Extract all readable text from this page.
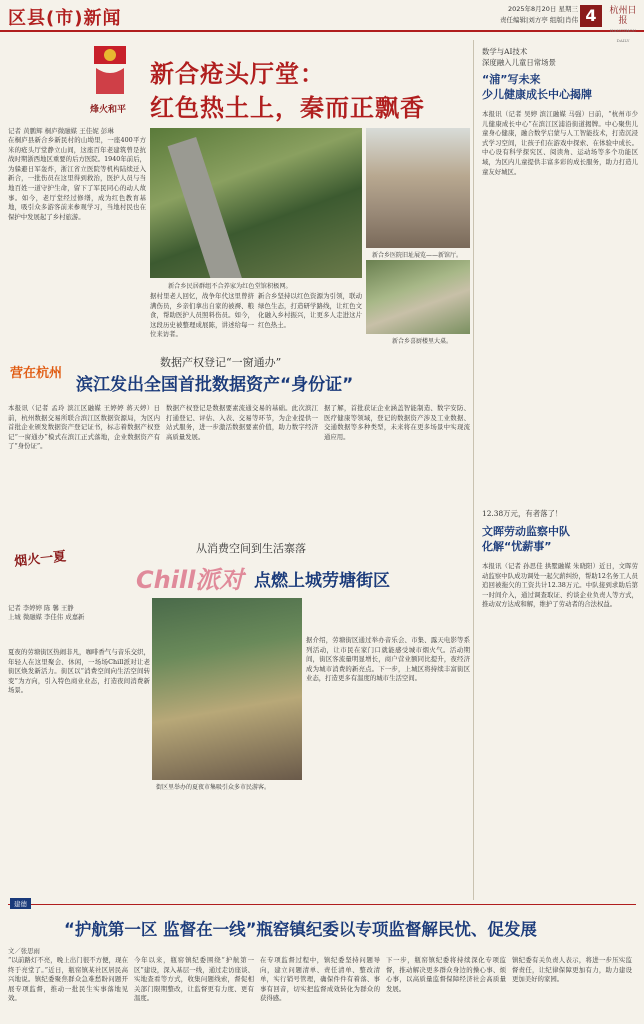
区县(市)新闻	2025年8月20日 星期三
责任编辑|刘方亭 组版|肖伟 4	杭州日报
HANGZHOU DAILY
烽火和平
新合疮头厅堂：
红色热土上，秦而正飘香
记者 黄鹏辉 桐庐微融媒 王佳妮 彭琳
在桐庐县新合乡新民村的山坳里，一座400平方米的疮头厅堂静立山间，这座百年老建筑曾是抗战时期浙西地区重要的后方医院。1940年前后，为躲避日军轰炸，浙江省立医院等机构陆续迁入新合，一批伤员在这里得到救治，医护人员与当地百姓一道守护生命，留下了军民同心的动人故事。如今，老厅堂经过修缮，成为红色教育基地，吸引众多游客前来参观学习，当地村民也在保护中发展起了乡村旅游。
新合乡民居群组不合养家为红色堂馆积极网。
新合乡医院旧址展览——新馆厅。
新合乡喜厨楼里大桌。
据村里老人回忆，战争年代这里曾挤满伤员，乡亲们拿出自家的被褥、粮食，帮助医护人员照料伤员。如今，这段历史被整理成展陈，讲述给每一位来访者。
新合乡坚持以红色资源为引领，联动绿色生态，打造研学路线，让红色文化融入乡村振兴，让更多人走进这片红色热土。
数据产权登记“一窗通办”
营在杭州
滨江发出全国首批数据资产“身份证”
本报讯（记者 孟玲 滨江区融媒 王婷婷 蒋天婷）日前，杭州数据交易所联合滨江区数据资源局，为区内首批企业颁发数据资产登记证书，标志着数据产权登记“一窗通办”模式在滨江正式落地，企业数据资产有了“身份证”。
数据产权登记是数据要素流通交易的基础。此次滨江打通登记、评估、入表、交易等环节，为企业提供一站式服务，进一步激活数据要素价值，助力数字经济高质量发展。
据了解，首批获证企业涵盖智能制造、数字安防、医疗健康等领域，登记的数据资产涉及工业数据、交通数据等多种类型，未来将在更多场景中实现流通应用。
从消费空间到生活寨落
烟火一夏
Chill派对 点燃上城劳塘街区
记者 李婷婷 陈 馨 王静
上城 微融媒 李佳伟 成嘉新
夏夜的劳塘街区热闹非凡，咖啡香气与音乐交织，年轻人在这里聚会、休闲，一场场Chill派对让老街区焕发新活力。街区以“消费空间向生活空间转变”为方向，引入特色商业业态，打造夜间消费新场景。
街区里举办的夏夜市集吸引众多市民游客。
据介绍，劳塘街区通过举办音乐会、市集、露天电影等系列活动，让市民在家门口就能感受城市烟火气。活动期间，街区客流量明显增长，商户营业额同比提升，夜经济成为城市消费的新亮点。下一步，上城区将持续丰富街区业态，打造更多有温度的城市生活空间。
数学与AI技术
深度融入儿童日常场景
“浦”写未来
少儿健康成长中心揭牌
本报讯（记者 吴婷 滨江融媒 马强）日前，“杭州市少儿健康成长中心”在滨江区浦沿街道揭牌。中心聚焦儿童身心健康，融合数学启蒙与人工智能技术，打造沉浸式学习空间，让孩子们在游戏中探索、在体验中成长。中心设有科学探究区、阅读角、运动场等多个功能区域，为区内儿童提供丰富多彩的成长服务，助力打造儿童友好城区。
12.38万元，有者落了！
文晖劳动监察中队
化解“忧薪事”
本报讯（记者 孙思佳 拱墅融媒 朱晓阳）近日，文晖劳动监察中队成功调处一起欠薪纠纷，帮助12名务工人员追回被拖欠的工资共计12.38万元。中队接到求助后第一时间介入，通过调查取证、约谈企业负责人等方式，推动双方达成和解，维护了劳动者的合法权益。
建德
“护航第一区 监督在一线”瓶窑镇纪委以专项监督解民忧、促发展
文／张思雨
“以前路灯不亮，晚上出门很不方便，现在终于亮堂了。”近日，瓶窑镇某社区居民高兴地说。镇纪委聚焦群众急难愁盼问题开展专项监督，推动一批民生实事落地见效。
今年以来，瓶窑镇纪委围绕“护航第一区”建设，深入基层一线，通过走访座谈、实地查看等方式，收集问题线索，督促相关部门限期整改，让监督更有力度、更有温度。
在专项监督过程中，镇纪委坚持问题导向，建立问题清单、责任清单、整改清单，实行销号管理，确保件件有着落、事事有回音，切实把监督成效转化为群众的获得感。
下一步，瓶窑镇纪委将持续深化专项监督，推动解决更多群众身边的操心事、烦心事，以高质量监督保障经济社会高质量发展。
镇纪委有关负责人表示，将进一步压实监督责任，让纪律保障更加有力，助力建设更加美好的家园。
